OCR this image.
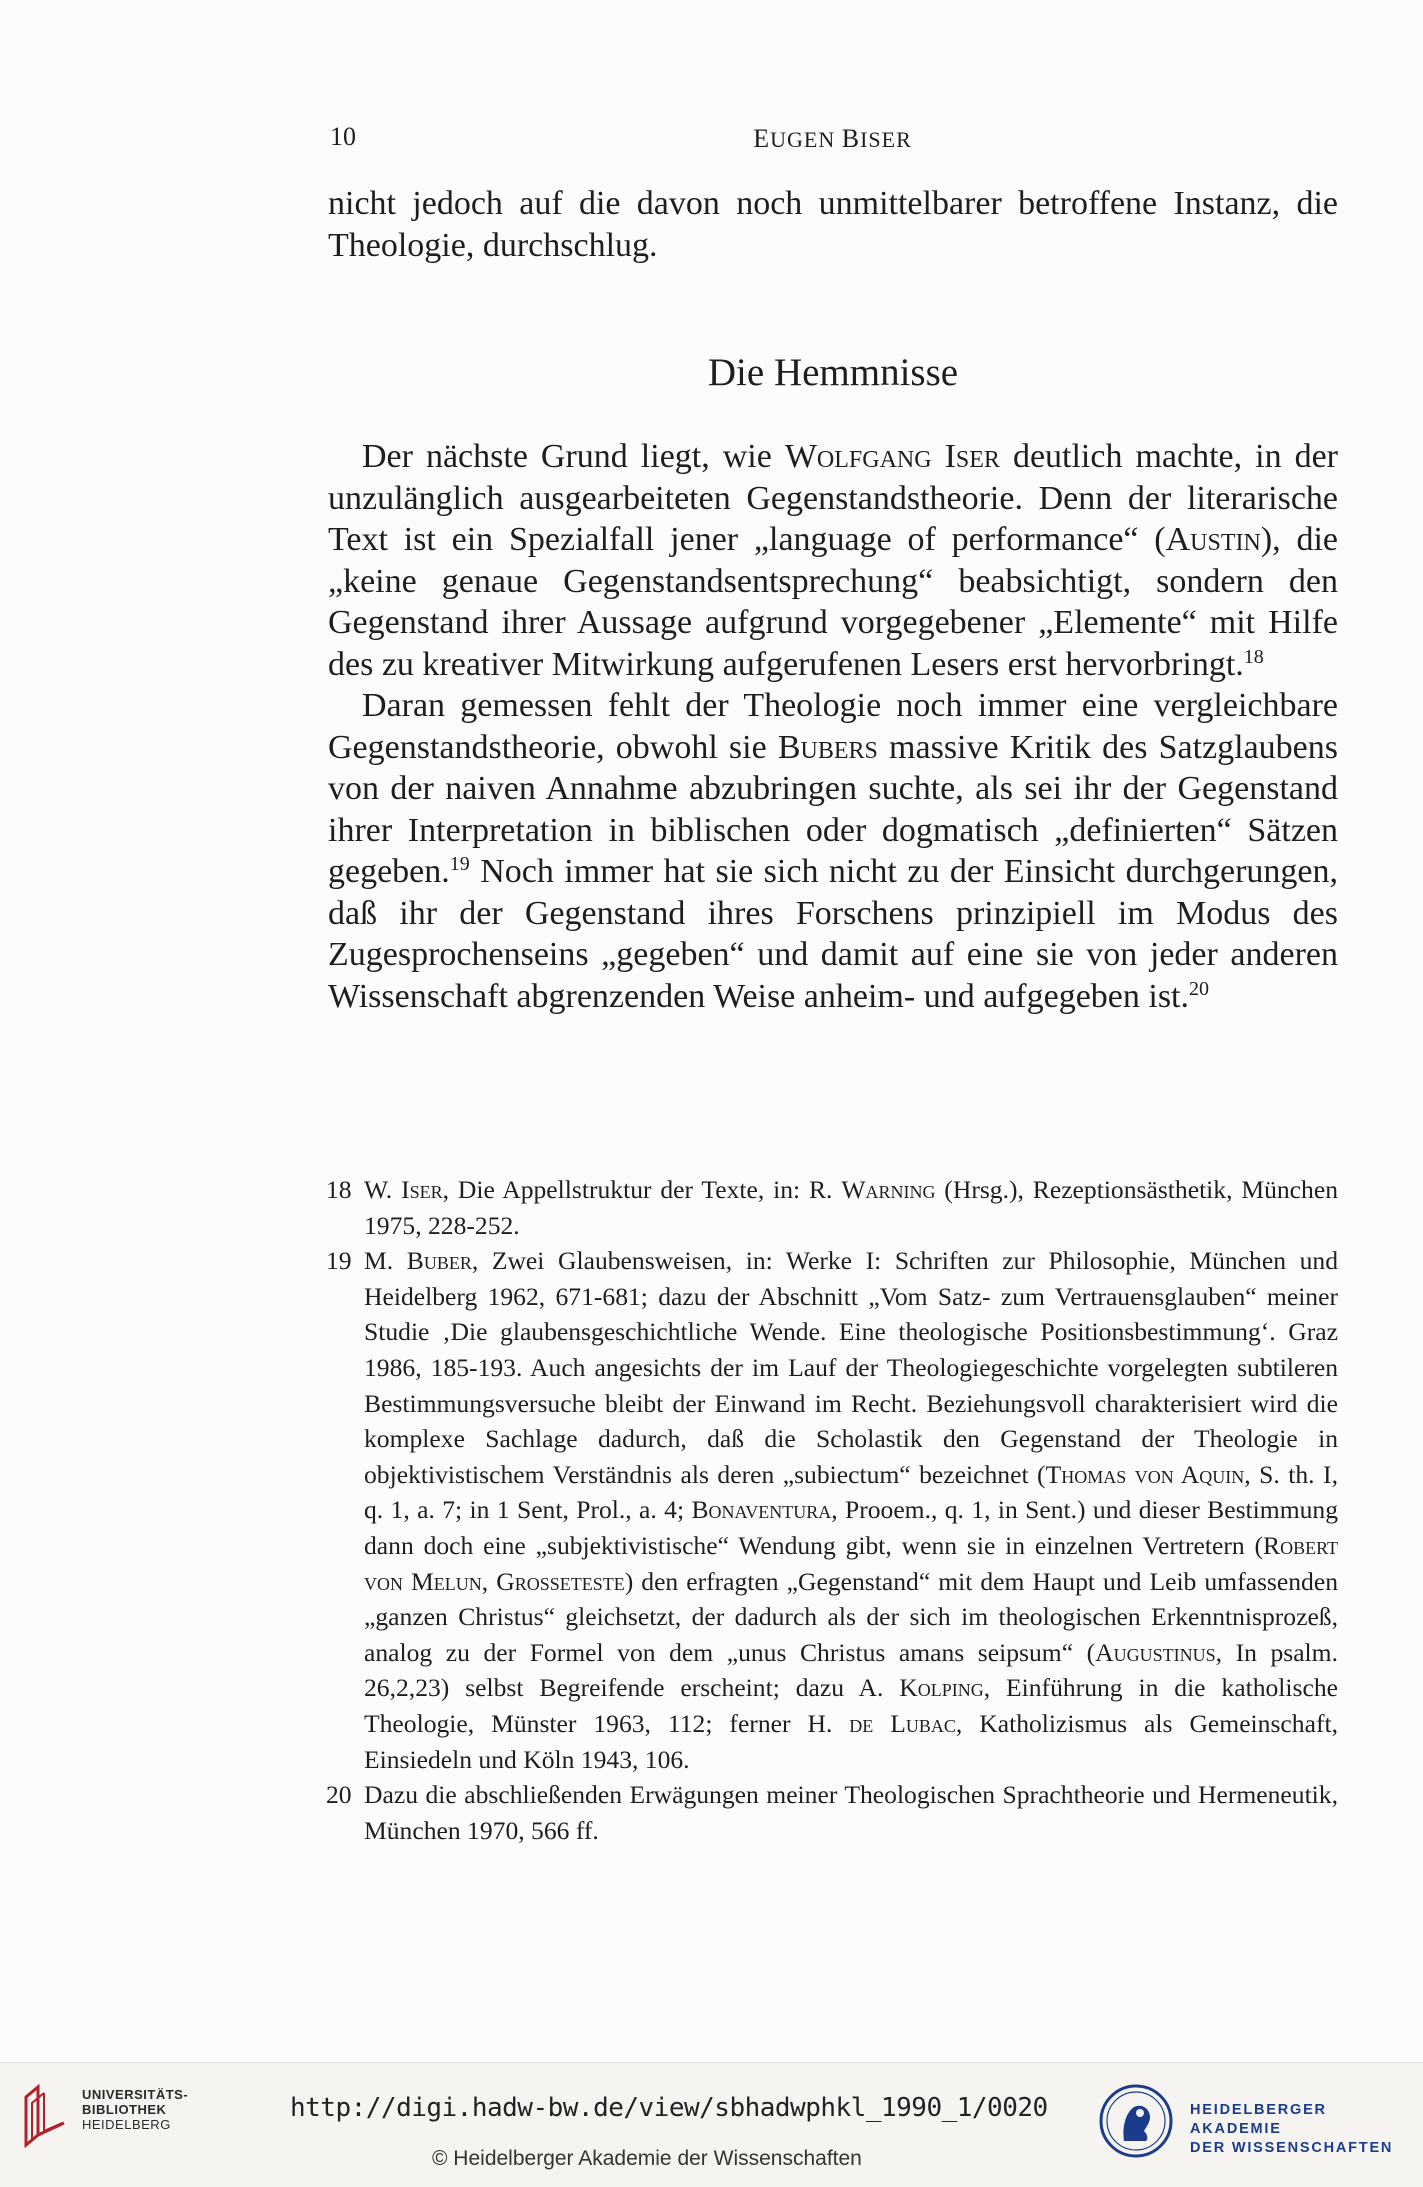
10	EUGEN BISER

nicht jedoch auf die davon noch unmittelbarer betroffene Instanz, die Theologie, durchschlug.

Die Hemmnisse

Der nächste Grund liegt, wie Wolfgang Iser deutlich machte, in der unzulänglich ausgearbeiteten Gegenstandstheorie. Denn der literarische Text ist ein Spezialfall jener „language of performance“ (Austin), die „keine genaue Gegenstandsentsprechung“ beabsichtigt, sondern den Gegenstand ihrer Aussage aufgrund vorgegebener „Elemente“ mit Hilfe des zu kreativer Mitwirkung aufgerufenen Lesers erst hervorbringt.$^{18}$

Daran gemessen fehlt der Theologie noch immer eine vergleichbare Gegenstandstheorie, obwohl sie Bubers massive Kritik des Satzglaubens von der naiven Annahme abzubringen suchte, als sei ihr der Gegenstand ihrer Interpretation in biblischen oder dogmatisch „definierten“ Sätzen gegeben.$^{19}$ Noch immer hat sie sich nicht zu der Einsicht durchgerungen, daß ihr der Gegenstand ihres Forschens prinzipiell im Modus des Zugesprochenseins „gegeben“ und damit auf eine sie von jeder anderen Wissenschaft abgrenzenden Weise anheim- und aufgegeben ist.$^{20}$

18 W. Iser, Die Appellstruktur der Texte, in: R. Warning (Hrsg.), Rezeptionsästhetik, München 1975, 228-252.
19 M. Buber, Zwei Glaubensweisen, in: Werke I: Schriften zur Philosophie, München und Heidelberg 1962, 671-681; dazu der Abschnitt „Vom Satz- zum Vertrauensglauben“ meiner Studie ‚Die glaubensgeschichtliche Wende. Eine theologische Positionsbestimmung‘. Graz 1986, 185-193. Auch angesichts der im Lauf der Theologiegeschichte vorgelegten subtileren Bestimmungsversuche bleibt der Einwand im Recht. Beziehungsvoll charakterisiert wird die komplexe Sachlage dadurch, daß die Scholastik den Gegenstand der Theologie in objektivistischem Verständnis als deren „subiectum“ bezeichnet (Thomas von Aquin, S. th. I, q. 1, a. 7; in 1 Sent, Prol., a. 4; Bonaventura, Prooem., q. 1, in Sent.) und dieser Bestimmung dann doch eine „subjektivistische“ Wendung gibt, wenn sie in einzelnen Vertretern (Robert von Melun, Grosseteste) den erfragten „Gegenstand“ mit dem Haupt und Leib umfassenden „ganzen Christus“ gleichsetzt, der dadurch als der sich im theologischen Erkenntnisprozeß, analog zu der Formel von dem „unus Christus amans seipsum“ (Augustinus, In psalm. 26,2,23) selbst Begreifende erscheint; dazu A. Kolping, Einführung in die katholische Theologie, Münster 1963, 112; ferner H. de Lubac, Katholizismus als Gemeinschaft, Einsiedeln und Köln 1943, 106.
20 Dazu die abschließenden Erwägungen meiner Theologischen Sprachtheorie und Hermeneutik, München 1970, 566 ff.
UNIVERSITÄTS-
BIBLIOTHEK
HEIDELBERG
http://digi.hadw-bw.de/view/sbhadwphkl_1990_1/0020
© Heidelberger Akademie der Wissenschaften
HEIDELBERGER AKADEMIE
DER WISSENSCHAFTEN
